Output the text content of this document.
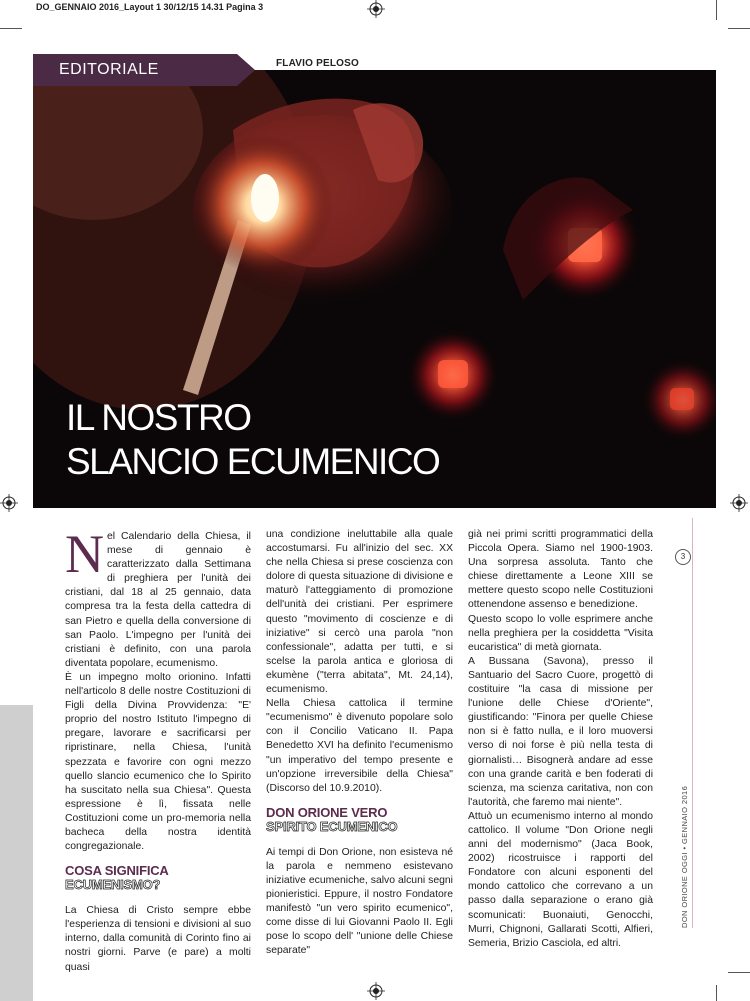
DO_GENNAIO 2016_Layout 1 30/12/15 14.31 Pagina 3
FLAVIO PELOSO
EDITORIALE
IL NOSTRO
SLANCIO ECUMENICO

Nel Calendario della Chiesa, il mese di gennaio è caratterizzato dalla Settimana di preghiera per l'unità dei cristiani, dal 18 al 25 gennaio, data compresa tra la festa della cattedra di san Pietro e quella della conversione di san Paolo. L'impegno per l'unità dei cristiani è definito, con una parola diventata popolare, ecumenismo.

È un impegno molto orionino. Infatti nell'articolo 8 delle nostre Costituzioni di Figli della Divina Provvidenza: "E' proprio del nostro Istituto l'impegno di pregare, lavorare e sacrificarsi per ripristinare, nella Chiesa, l'unità spezzata e favorire con ogni mezzo quello slancio ecumenico che lo Spirito ha suscitato nella sua Chiesa". Questa espressione è lì, fissata nelle Costituzioni come un pro-memoria nella bacheca della nostra identità congregazionale.

COSA SIGNIFICA
ECUMENISMO?

La Chiesa di Cristo sempre ebbe l'esperienza di tensioni e divisioni al suo interno, dalla comunità di Corinto fino ai nostri giorni. Parve (e pare) a molti quasi

una condizione ineluttabile alla quale accostumarsi. Fu all'inizio del sec. XX che nella Chiesa si prese coscienza con dolore di questa situazione di divisione e maturò l'atteggiamento di promozione dell'unità dei cristiani. Per esprimere questo "movimento di coscienze e di iniziative" si cercò una parola "non confessionale", adatta per tutti, e si scelse la parola antica e gloriosa di ekumène ("terra abitata", Mt. 24,14), ecumenismo.

Nella Chiesa cattolica il termine "ecumenismo" è divenuto popolare solo con il Concilio Vaticano II. Papa Benedetto XVI ha definito l'ecumenismo "un imperativo del tempo presente e un'opzione irreversibile della Chiesa" (Discorso del 10.9.2010).

DON ORIONE VERO
SPIRITO ECUMENICO

Ai tempi di Don Orione, non esisteva né la parola e nemmeno esistevano iniziative ecumeniche, salvo alcuni segni pionieristici. Eppure, il nostro Fondatore manifestò "un vero spirito ecumenico", come disse di lui Giovanni Paolo II. Egli pose lo scopo dell' "unione delle Chiese separate"

già nei primi scritti programmatici della Piccola Opera. Siamo nel 1900-1903. Una sorpresa assoluta. Tanto che chiese direttamente a Leone XIII se mettere questo scopo nelle Costituzioni ottenendone assenso e benedizione.

Questo scopo lo volle esprimere anche nella preghiera per la cosiddetta "Visita eucaristica" di metà giornata.

A Bussana (Savona), presso il Santuario del Sacro Cuore, progettò di costituire "la casa di missione per l'unione delle Chiese d'Oriente", giustificando: "Finora per quelle Chiese non si è fatto nulla, e il loro muoversi verso di noi forse è più nella testa di giornalisti… Bisognerà andare ad esse con una grande carità e ben foderati di scienza, ma scienza caritativa, non con l'autorità, che faremo mai niente".

Attuò un ecumenismo interno al mondo cattolico. Il volume "Don Orione negli anni del modernismo" (Jaca Book, 2002) ricostruisce i rapporti del Fondatore con alcuni esponenti del mondo cattolico che correvano a un passo dalla separazione o erano già scomunicati: Buonaiuti, Genocchi, Murri, Chignoni, Gallarati Scotti, Alfieri, Semeria, Brizio Casciola, ed altri.

3
DON ORIONE OGGI • GENNAIO 2016
